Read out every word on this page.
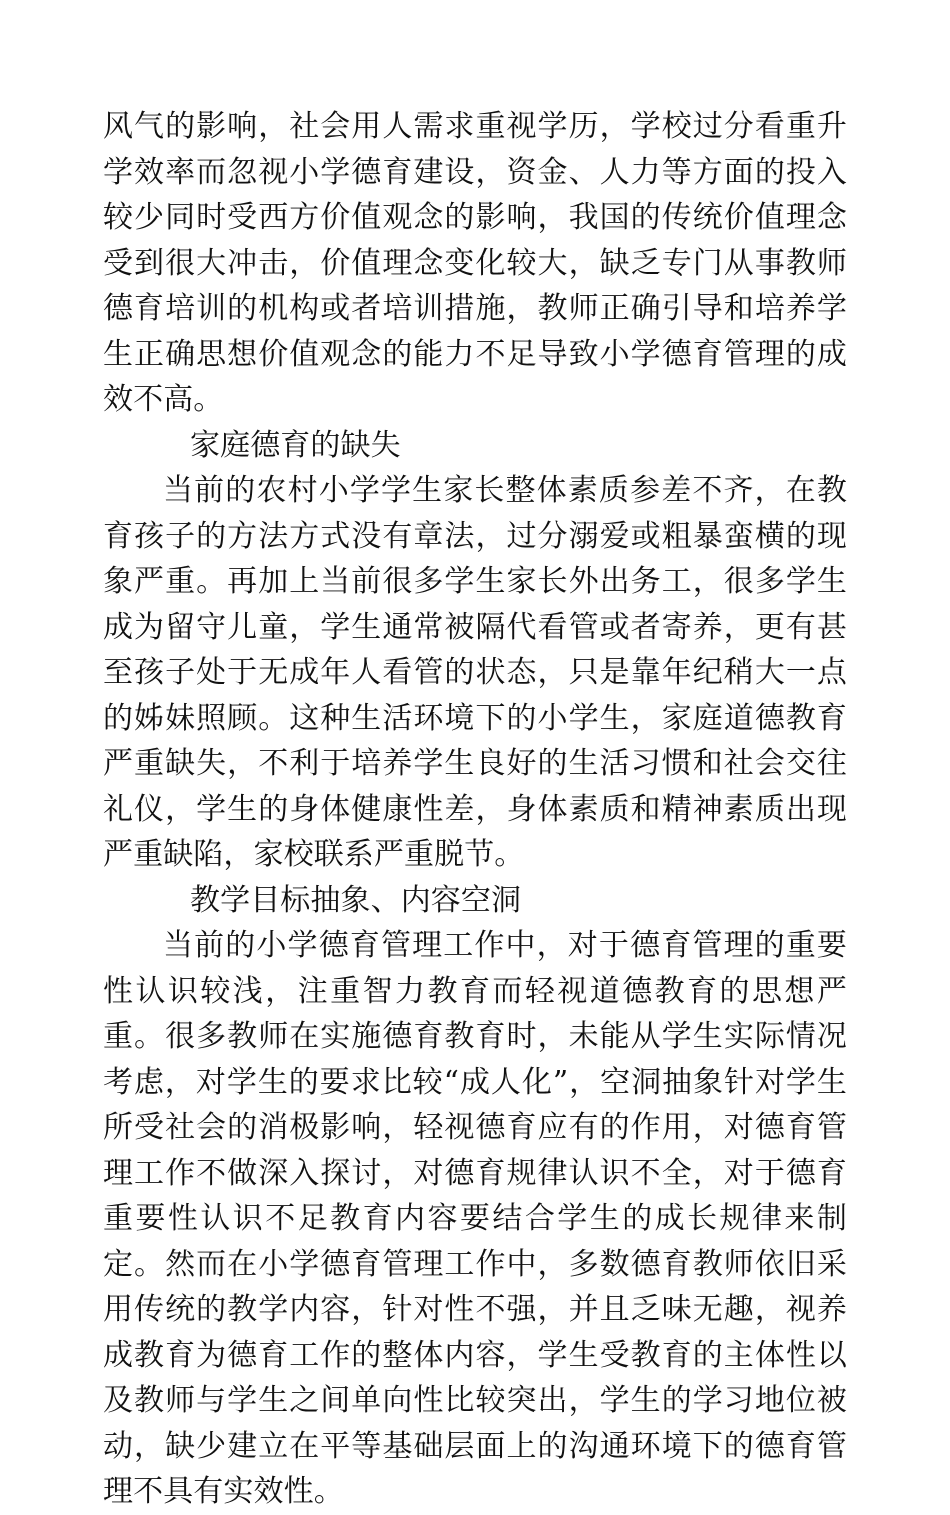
风气的影响，社会用人需求重视学历，学校过分看重升学效率而忽视小学德育建设，资金、人力等方面的投入较少同时受西方价值观念的影响，我国的传统价值理念受到很大冲击，价值理念变化较大，缺乏专门从事教师德育培训的机构或者培训措施，教师正确引导和培养学生正确思想价值观念的能力不足导致小学德育管理的成效不高。

家庭德育的缺失

当前的农村小学学生家长整体素质参差不齐，在教育孩子的方法方式没有章法，过分溺爱或粗暴蛮横的现象严重。再加上当前很多学生家长外出务工，很多学生成为留守儿童，学生通常被隔代看管或者寄养，更有甚至孩子处于无成年人看管的状态，只是靠年纪稍大一点的姊妹照顾。这种生活环境下的小学生，家庭道德教育严重缺失，不利于培养学生良好的生活习惯和社会交往礼仪，学生的身体健康性差，身体素质和精神素质出现严重缺陷，家校联系严重脱节。

教学目标抽象、内容空洞

当前的小学德育管理工作中，对于德育管理的重要性认识较浅，注重智力教育而轻视道德教育的思想严重。很多教师在实施德育教育时，未能从学生实际情况考虑，对学生的要求比较“成人化”，空洞抽象针对学生所受社会的消极影响，轻视德育应有的作用，对德育管理工作不做深入探讨，对德育规律认识不全，对于德育重要性认识不足教育内容要结合学生的成长规律来制定。然而在小学德育管理工作中，多数德育教师依旧采用传统的教学内容，针对性不强，并且乏味无趣，视养成教育为德育工作的整体内容，学生受教育的主体性以及教师与学生之间单向性比较突出，学生的学习地位被动，缺少建立在平等基础层面上的沟通环境下的德育管理不具有实效性。
